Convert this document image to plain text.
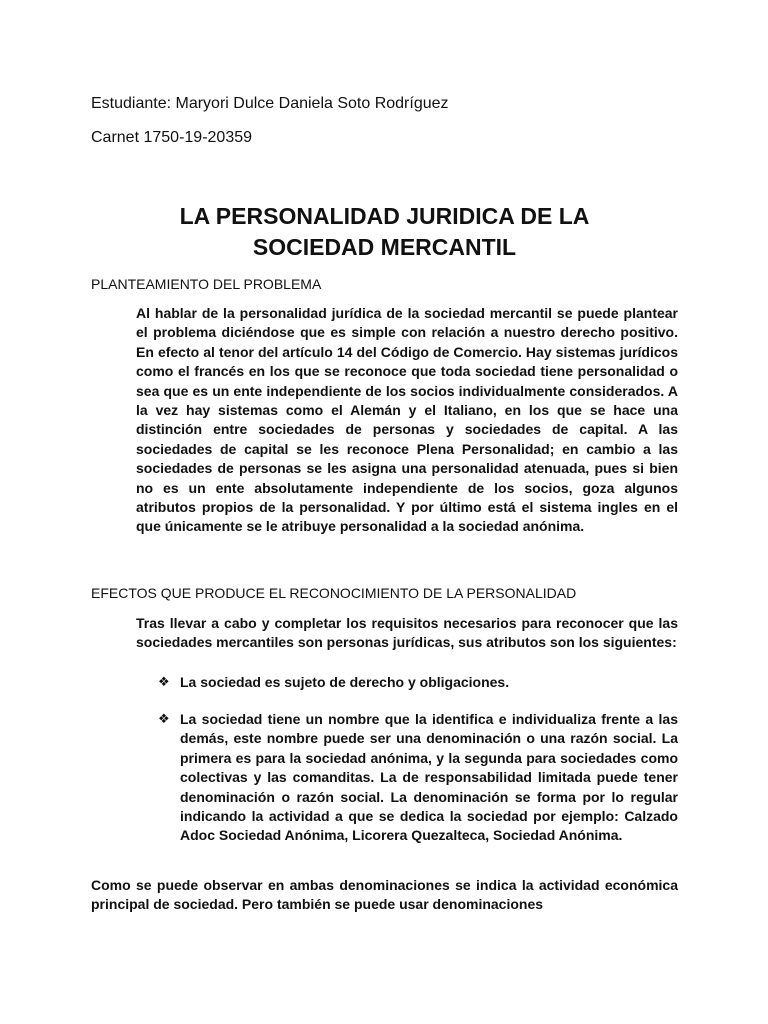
Estudiante: Maryori Dulce Daniela Soto Rodríguez
Carnet 1750-19-20359
LA PERSONALIDAD JURIDICA DE LA
SOCIEDAD MERCANTIL
PLANTEAMIENTO DEL PROBLEMA

Al hablar de la personalidad jurídica de la sociedad mercantil se puede plantear el problema diciéndose que es simple con relación a nuestro derecho positivo. En efecto al tenor del artículo 14 del Código de Comercio. Hay sistemas jurídicos como el francés en los que se reconoce que toda sociedad tiene personalidad o sea que es un ente independiente de los socios individualmente considerados. A la vez hay sistemas como el Alemán y el Italiano, en los que se hace una distinción entre sociedades de personas y sociedades de capital. A las sociedades de capital se les reconoce Plena Personalidad; en cambio a las sociedades de personas se les asigna una personalidad atenuada, pues si bien no es un ente absolutamente independiente de los socios, goza algunos atributos propios de la personalidad. Y por último está el sistema ingles en el que únicamente se le atribuye personalidad a la sociedad anónima.

EFECTOS QUE PRODUCE EL RECONOCIMIENTO DE LA PERSONALIDAD

Tras llevar a cabo y completar los requisitos necesarios para reconocer que las sociedades mercantiles son personas jurídicas, sus atributos son los siguientes:

❖ La sociedad es sujeto de derecho y obligaciones.
❖ La sociedad tiene un nombre que la identifica e individualiza frente a las demás, este nombre puede ser una denominación o una razón social. La primera es para la sociedad anónima, y la segunda para sociedades como colectivas y las comanditas. La de responsabilidad limitada puede tener denominación o razón social. La denominación se forma por lo regular indicando la actividad a que se dedica la sociedad por ejemplo: Calzado Adoc Sociedad Anónima, Licorera Quezalteca, Sociedad Anónima.

Como se puede observar en ambas denominaciones se indica la actividad económica principal de sociedad. Pero también se puede usar denominaciones
